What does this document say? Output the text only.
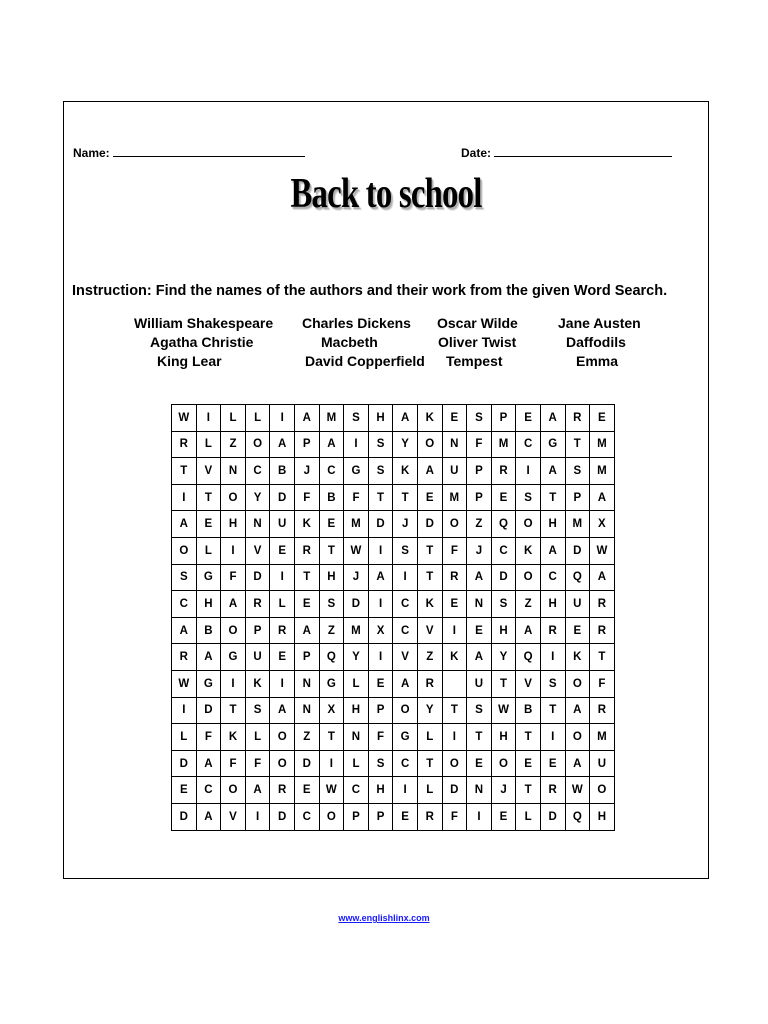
Name:	Date:
Back to school
Instruction: Find the names of the authors and their work from the given Word Search.
William Shakespeare Charles Dickens Oscar Wilde	Jane Austen
Agatha Christie	Macbeth	Oliver Twist	Daffodils
King Lear	David Copperfield Tempest	Emma
W	I	L	L	I	A	M	S	H	A	K	E	S	P	E	A	R	E
R	L	Z	O	A	P	A	I	S	Y	O	N	F	M	C	G	T	M
T	V	N	C	B	J	C	G	S	K	A	U	P	R	I	A	S	M
I	T	O	Y	D	F	B	F	T	T	E	M	P	E	S	T	P	A
A	E	H	N	U	K	E	M	D	J	D	O	Z	Q	O	H	M	X
O	L	I	V	E	R	T	W	I	S	T	F	J	C	K	A	D	W
S	G	F	D	I	T	H	J	A	I	T	R	A	D	O	C	Q	A
C	H	A	R	L	E	S	D	I	C	K	E	N	S	Z	H	U	R
A	B	O	P	R	A	Z	M	X	C	V	I	E	H	A	R	E	R
R	A	G	U	E	P	Q	Y	I	V	Z	K	A	Y	Q	I	K	T
W	G	I	K	I	N	G	L	E	A	R		U	T	V	S	O	F
I	D	T	S	A	N	X	H	P	O	Y	T	S	W	B	T	A	R
L	F	K	L	O	Z	T	N	F	G	L	I	T	H	T	I	O	M
D	A	F	F	O	D	I	L	S	C	T	O	E	O	E	E	A	U
E	C	O	A	R	E	W	C	H	I	L	D	N	J	T	R	W	O
D	A	V	I	D	C	O	P	P	E	R	F	I	E	L	D	Q	H
www.englishlinx.com
